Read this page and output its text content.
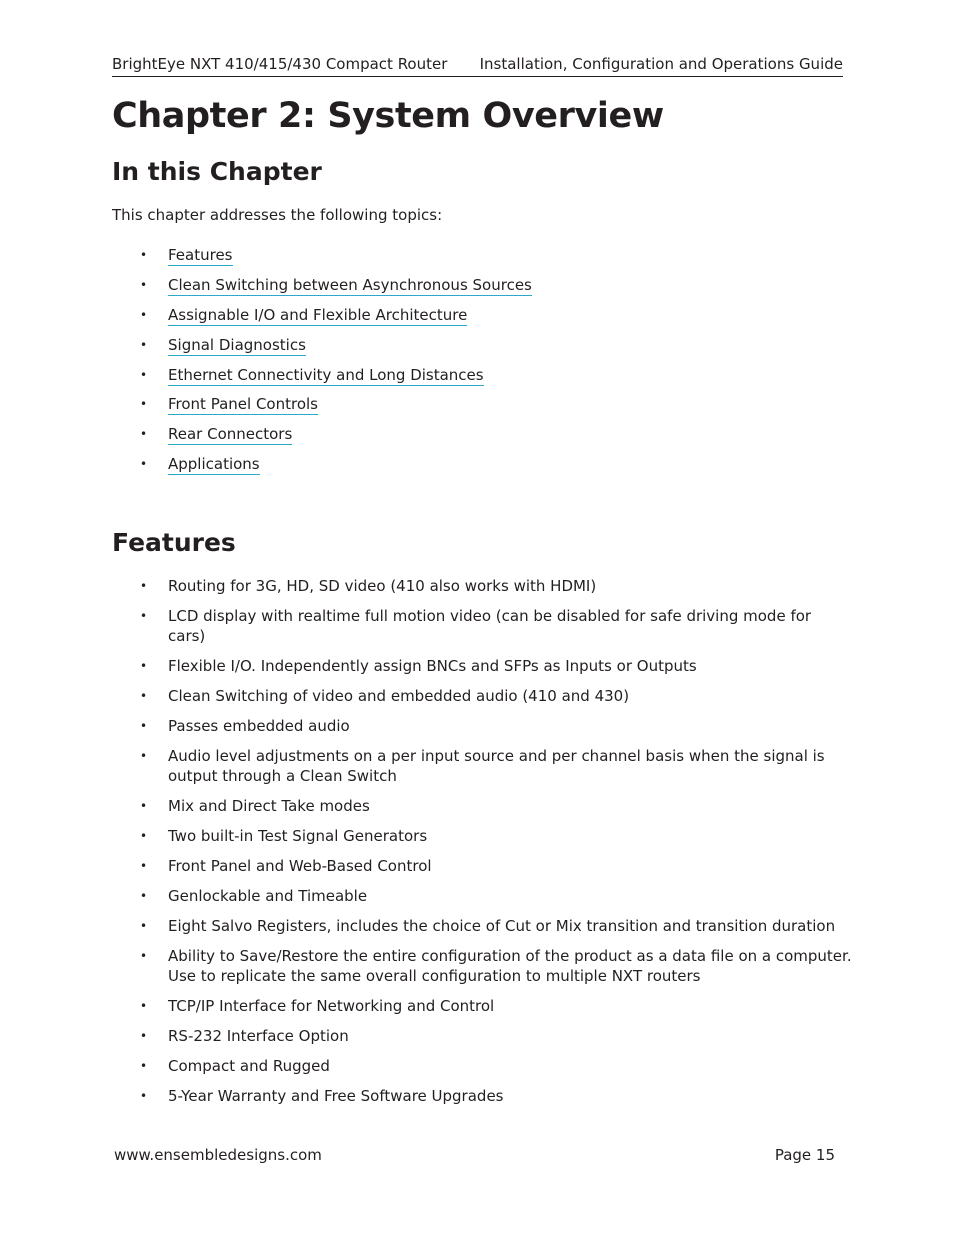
BrightEye NXT 410/415/430 Compact Router Installation, Configuration and Operations Guide
Chapter 2: System Overview
In this Chapter
This chapter addresses the following topics:
• Features
• Clean Switching between Asynchronous Sources
• Assignable I/O and Flexible Architecture
• Signal Diagnostics
• Ethernet Connectivity and Long Distances
• Front Panel Controls
• Rear Connectors
• Applications
Features
• Routing for 3G, HD, SD video (410 also works with HDMI)
• LCD display with realtime full motion video (can be disabled for safe driving mode for cars)
• Flexible I/O. Independently assign BNCs and SFPs as Inputs or Outputs
• Clean Switching of video and embedded audio (410 and 430)
• Passes embedded audio
• Audio level adjustments on a per input source and per channel basis when the signal is output through a Clean Switch
• Mix and Direct Take modes
• Two built-in Test Signal Generators
• Front Panel and Web-Based Control
• Genlockable and Timeable
• Eight Salvo Registers, includes the choice of Cut or Mix transition and transition duration
• Ability to Save/Restore the entire configuration of the product as a data file on a computer. Use to replicate the same overall configuration to multiple NXT routers
• TCP/IP Interface for Networking and Control
• RS-232 Interface Option
• Compact and Rugged
• 5-Year Warranty and Free Software Upgrades
www.ensembledesigns.com	Page 15
